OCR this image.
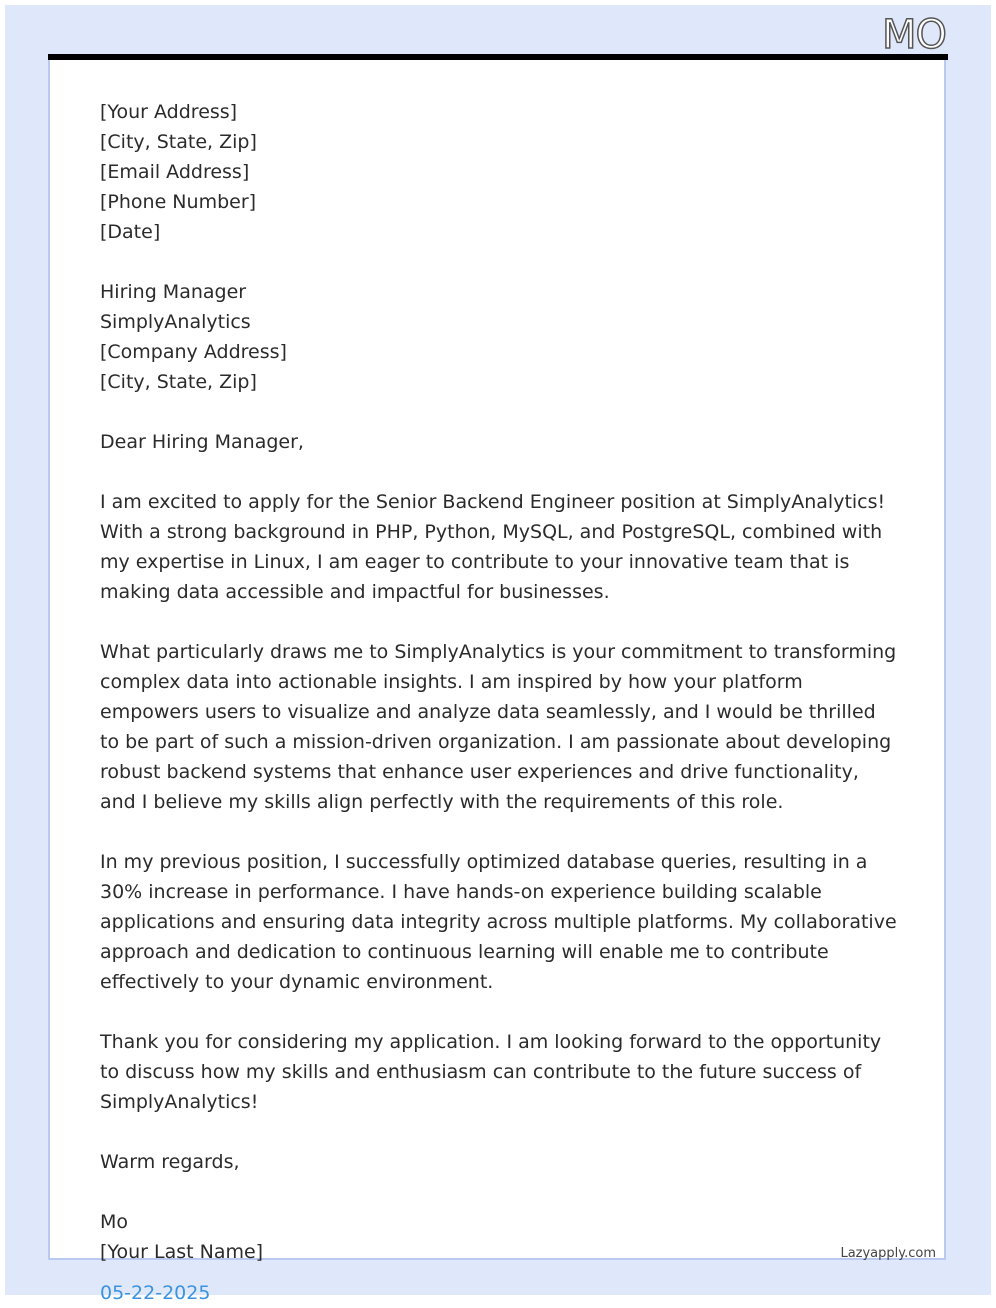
MO
[Your Address]
[City, State, Zip]
[Email Address]
[Phone Number]
[Date]
Hiring Manager
SimplyAnalytics
[Company Address]
[City, State, Zip]
Dear Hiring Manager,

I am excited to apply for the Senior Backend Engineer position at SimplyAnalytics! With a strong background in PHP, Python, MySQL, and PostgreSQL, combined with my expertise in Linux, I am eager to contribute to your innovative team that is making data accessible and impactful for businesses.

What particularly draws me to SimplyAnalytics is your commitment to transforming complex data into actionable insights. I am inspired by how your platform empowers users to visualize and analyze data seamlessly, and I would be thrilled to be part of such a mission-driven organization. I am passionate about developing robust backend systems that enhance user experiences and drive functionality, and I believe my skills align perfectly with the requirements of this role.

In my previous position, I successfully optimized database queries, resulting in a 30% increase in performance. I have hands-on experience building scalable applications and ensuring data integrity across multiple platforms. My collaborative approach and dedication to continuous learning will enable me to contribute effectively to your dynamic environment.

Thank you for considering my application. I am looking forward to the opportunity to discuss how my skills and enthusiasm can contribute to the future success of SimplyAnalytics!

Warm regards,
Mo
[Your Last Name]	Lazyapply.com
05-22-2025
